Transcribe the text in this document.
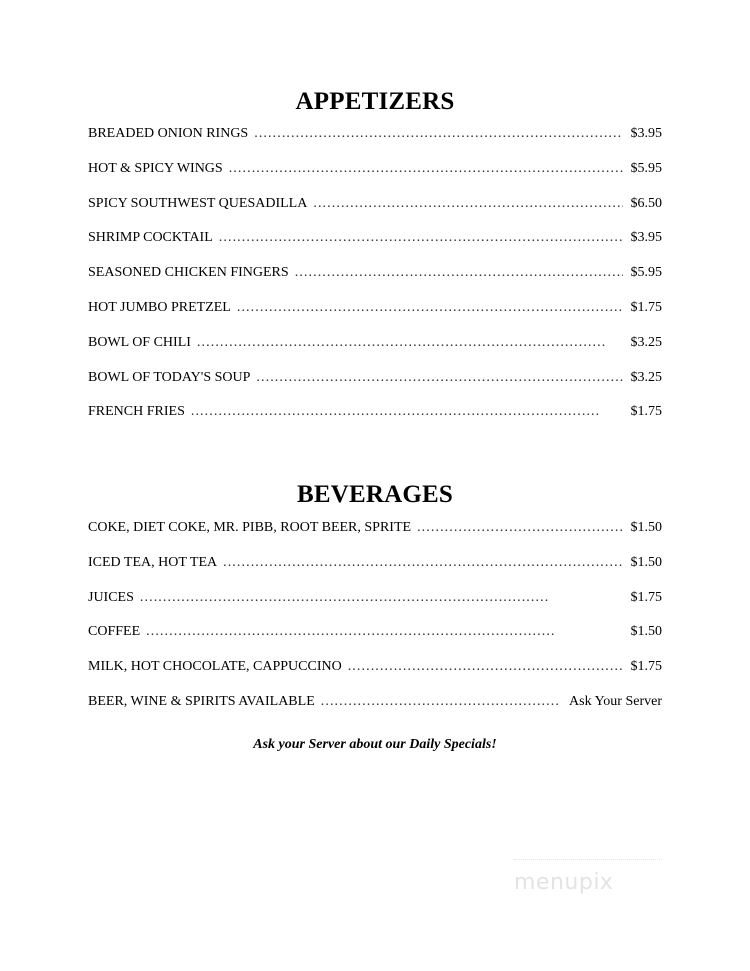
APPETIZERS
BREADED ONION RINGS . . .	$3.95
HOT & SPICY WINGS . . .	$5.95
SPICY SOUTHWEST QUESADILLA . . .	$6.50
SHRIMP COCKTAIL . . .	$3.95
SEASONED CHICKEN FINGERS . . .	$5.95
HOT JUMBO PRETZEL . . .	$1.75
BOWL OF CHILI . . .	$3.25
BOWL OF TODAY'S SOUP . . .	$3.25
FRENCH FRIES . . .	$1.75
BEVERAGES
COKE, DIET COKE, MR. PIBB, ROOT BEER, SPRITE . . .	$1.50
ICED TEA, HOT TEA . . .	$1.50
JUICES . . .	$1.75
COFFEE . . .	$1.50
MILK, HOT CHOCOLATE, CAPPUCCINO . . .	$1.75
BEER, WINE & SPIRITS AVAILABLE . . .	Ask Your Server
Ask your Server about our Daily Specials!
menupix
